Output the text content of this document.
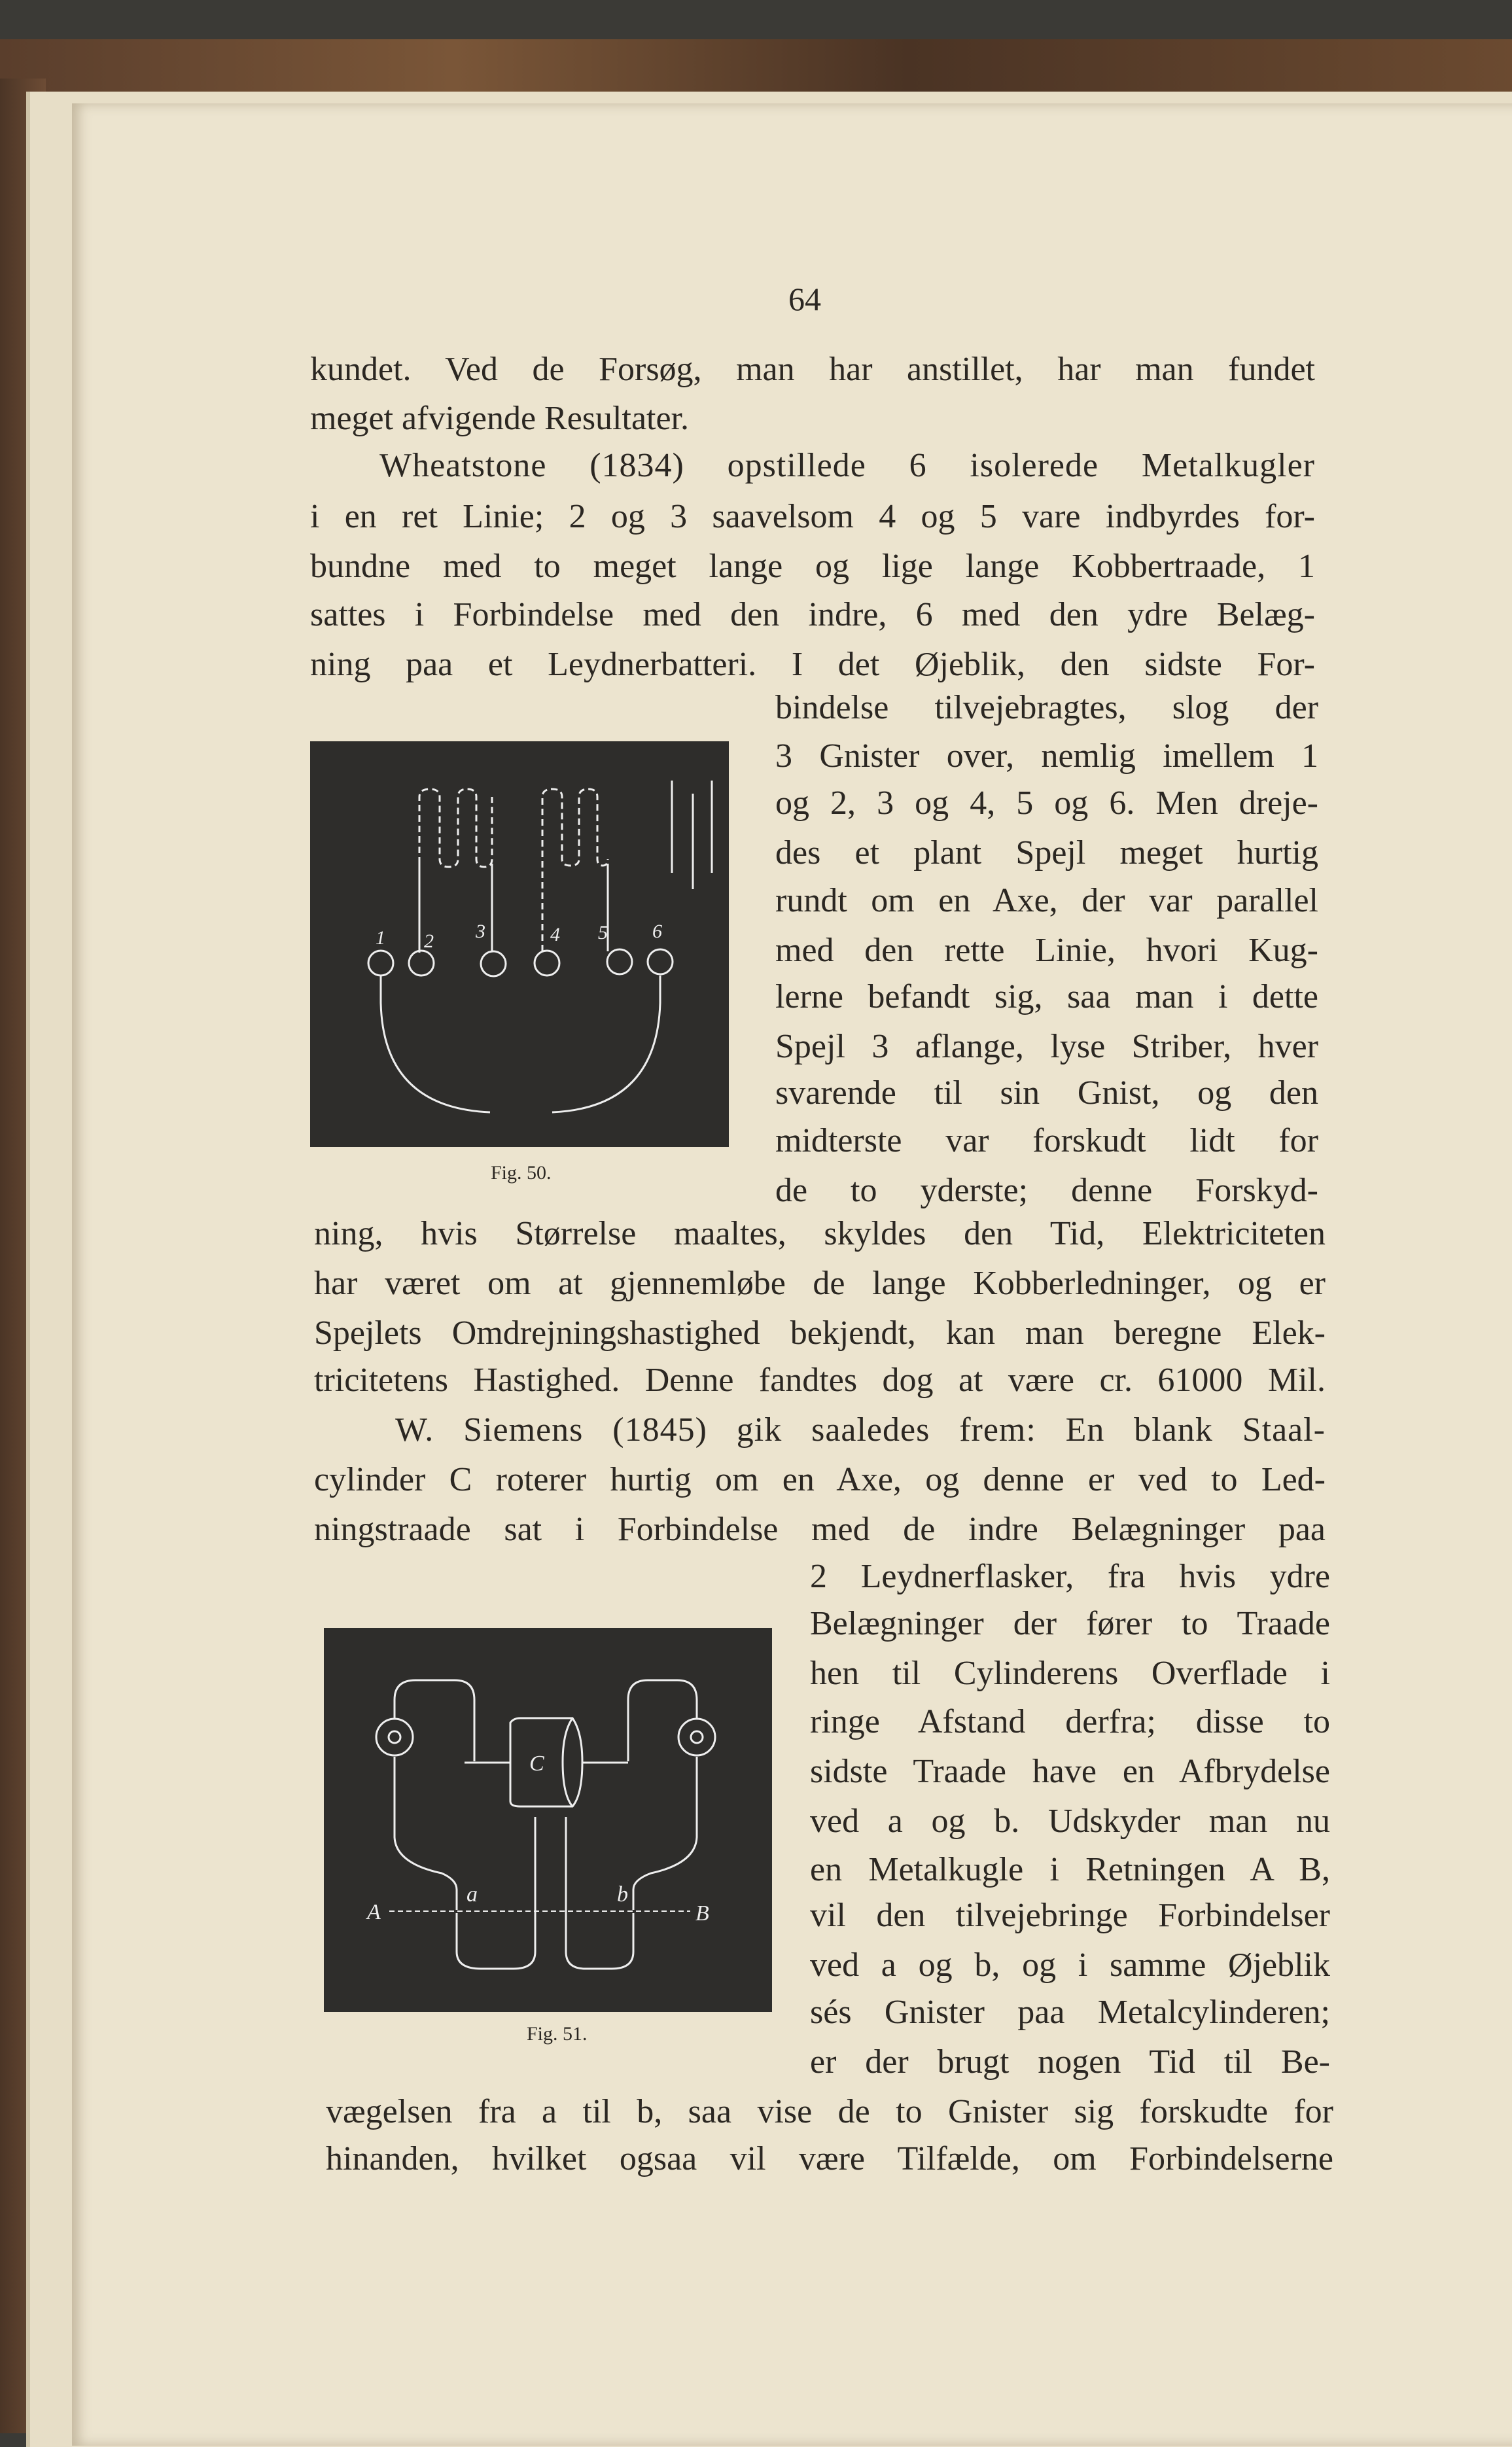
64
kundet. Ved de Forsøg, man har anstillet, har man fundet
meget afvigende Resultater.
Wheatstone (1834) opstillede 6 isolerede Metalkugler
i en ret Linie; 2 og 3 saavelsom 4 og 5 vare indbyrdes for-
bundne med to meget lange og lige lange Kobbertraade, 1
sattes i Forbindelse med den indre, 6 med den ydre Belæg-
ning paa et Leydnerbatteri. I det Øjeblik, den sidste For-
bindelse tilvejebragtes, slog der
3 Gnister over, nemlig imellem 1
og 2, 3 og 4, 5 og 6. Men dreje-
des et plant Spejl meget hurtig
rundt om en Axe, der var parallel
med den rette Linie, hvori Kug-
lerne befandt sig, saa man i dette
Spejl 3 aflange, lyse Striber, hver
svarende til sin Gnist, og den
midterste var forskudt lidt for
de to yderste; denne Forskyd-
ning, hvis Størrelse maaltes, skyldes den Tid, Elektriciteten
har været om at gjennemløbe de lange Kobberledninger, og er
Spejlets Omdrejningshastighed bekjendt, kan man beregne Elek-
tricitetens Hastighed. Denne fandtes dog at være cr. 61000 Mil.
W. Siemens (1845) gik saaledes frem: En blank Staal-
cylinder C roterer hurtig om en Axe, og denne er ved to Led-
ningstraade sat i Forbindelse med de indre Belægninger paa
2 Leydnerflasker, fra hvis ydre
Belægninger der fører to Traade
hen til Cylinderens Overflade i
ringe Afstand derfra; disse to
sidste Traade have en Afbrydelse
ved a og b. Udskyder man nu
en Metalkugle i Retningen A B,
vil den tilvejebringe Forbindelser
ved a og b, og i samme Øjeblik
sés Gnister paa Metalcylinderen;
er der brugt nogen Tid til Be-
vægelsen fra a til b, saa vise de to Gnister sig forskudte for
hinanden, hvilket ogsaa vil være Tilfælde, om Forbindelserne
1 2 3	4 5 6
Fig. 50.
C
A
a	b
B
Fig. 51.
